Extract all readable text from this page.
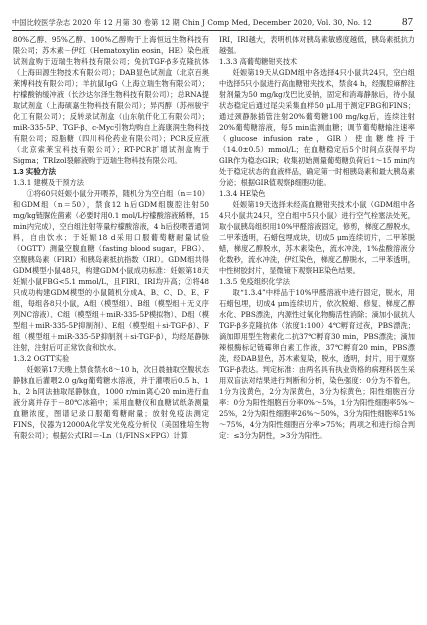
中国比较医学杂志 2020 年 12 月第 30 卷第 12 期 Chin J Comp Med, December 2020, Vol. 30, No. 12	87

80%乙醇、95%乙醇、100%乙醇购于上海恒远生物科技有限公司；苏木素－伊红（Hematoxylin eosin，HE）染色液试剂盒购于迈瑞生物科技有限公司；兔抗TGF-β多克隆抗体（上海田源生物技术有限公司）；DAB显色试剂盒（北京百奥莱博科技有限公司）；羊抗鼠IgG（上海立瑞生物有限公司）；柠檬酸钠缓冲液（长沙达尔泽生物科技有限公司）；总RNA提取试剂盒（上海硕嘉生物科技有限公司）；异丙醇（苏州骏宇化工有限公司）；反转录试剂盒（山东航仟化工有限公司）；miR-335-5P、TGF-β、c-Myc引物均购自上海康润生物科技有限公司；琼脂糖（四川科伦药业有限公司）；PCR反应液（北京索莱宝科技有限公司）；RT-PCR扩增试剂盒购于Sigma；TRIzol裂解液购于迈瑞生物科技有限公司。

1.3 实验方法
1.3.1 建模及干预方法

①将60只妊娠小鼠分开喂养，随机分为空白组（n＝10）和GDM组（n＝50），禁食12 h后GDM组腹腔注射50 mg/kg链脲佐菌素（必要时用0.1 mol/L柠檬酸溶液稀释，15 min内完成），空白组注射等量柠檬酸溶液，4 h后投喂普通饲料，自由饮水；于妊娠18 d采用口服葡萄糖耐量试验（OGTT）测量空腹血糖（fasting blood sugar，FBG）、空腹胰岛素（FIRI）和胰岛素抵抗指数（IRI）。GDM组共得GDM模型小鼠48只，构建GDM小鼠成功标准：妊娠第18天妊娠小鼠FBG<5.1 mmol/L，且FIRI、IRI均升高；②将48只成功构建GDM模型的小鼠随机分成A、B、C、D、E、F组，每组各8只小鼠，A组（模型组）、B组（模型组＋无义序列NC溶液）、C组（模型组＋miR-335-5P模拟物）、D组（模型组＋miR-335-5P抑制剂）、E组（模型组＋si-TGF-β）、F组（模型组＋miR-335-5P抑制剂＋si-TGF-β），均经尾静脉注射，注射后可正常饮食和饮水。

1.3.2 OGTT实验

妊娠第17天晚上禁食禁水8～10 h，次日晨抽取空腹状态静脉血后灌喂2.0 g/kg葡萄糖水溶液，并于灌喂后0.5 h、1 h、2 h同法抽取尾静脉血，1000 r/min离心20 min进行血液分离并存于－80℃冰箱中；采用血糖仪和血糖试纸条测量血糖浓度，图谱记录口服葡萄糖耐量；放射免疫法测定FINS，仪器为12000A化学发光免疫分析仪（美国雅培生物有限公司）；根据公式IRI＝-Ln（1/FINS×FPG）计算

IRI，IRI越大，表明机体对胰岛素敏感度越低，胰岛素抵抗力越强。

1.3.3 高葡萄糖钳夹技术

妊娠第19天从GDM组中各选择4只小鼠共24只，空白组中选择5只小鼠进行高血糖钳夹技术，禁食4 h，经腹腔麻醉注射剂量为50 mg/kg戊巴比妥钠，固定和消毒静脉后，待小鼠状态稳定后通过尾尖采集血样50 μL用于测定FBG和FINS；通过颈静脉插管注射20%葡萄糖100 mg/kg后，连续注射20%葡萄糖溶液，每5 min监测血糖；调节葡萄糖输注速率（glucose infusion rate，GIR）使血糖维持于（14.0±0.5）mmol/L；在血糖稳定后5个时间点获得平均GIR作为稳态GIR；收集初始测量葡萄糖负荷后1～15 min内处于稳定状态的血液样品，确定第一时相胰岛素和最大胰岛素分泌；根据GIR值观察β细胞功能。

1.3.4 HE染色

妊娠第19天选择未经高血糖钳夹技术小鼠（GDM组中各4只小鼠共24只，空白组中5只小鼠）进行空气栓塞法处死，取小鼠胰岛组织用10%甲醛溶液固定，修剪，梯度乙醇脱水，二甲苯透明，石蜡包埋成块，切成5 μm连续切片，二甲苯脱蜡，梯度乙醇脱水，苏木素染色，流水冲洗，1%盐酸溶液分化数秒，流水冲洗，伊红染色，梯度乙醇脱水，二甲苯透明，中性树胶封片，显微镜下观察HE染色结果。

1.3.5 免疫组织化学法

取“1.3.4”中样品于10%甲醛溶液中进行固定，脱水，用石蜡包埋，切成4 μm连续切片，依次脱蜡、修复、梯度乙醇水化、PBS漂洗，内源性过氧化物酶活性消除；滴加小鼠抗人TGF-β多克隆抗体（浓度1:100）4℃孵育过夜，PBS漂洗；滴加即用型生物素化二抗37℃孵育30 min，PBS漂洗；滴加辣根酶标记链霉卵白素工作液，37℃孵育20 min，PBS漂洗，经DAB显色，苏木素复染，脱水，透明，封片，用于观察TGF-β表达。判定标准：由两名具有执业资格的病理科医生采用双盲法对结果进行判断和分析，染色强度：0分为不着色，1分为浅黄色，2分为深黄色，3分为棕黄色；阳性细胞百分率：0分为阳性细胞百分率0%～5%，1分为阳性细胞率5%～25%，2分为阳性细胞率26%～50%，3分为阳性细胞率51%～75%，4分为阳性细胞百分率>75%；两项之和进行综合判定：≤3分为阴性，>3分为阳性。
